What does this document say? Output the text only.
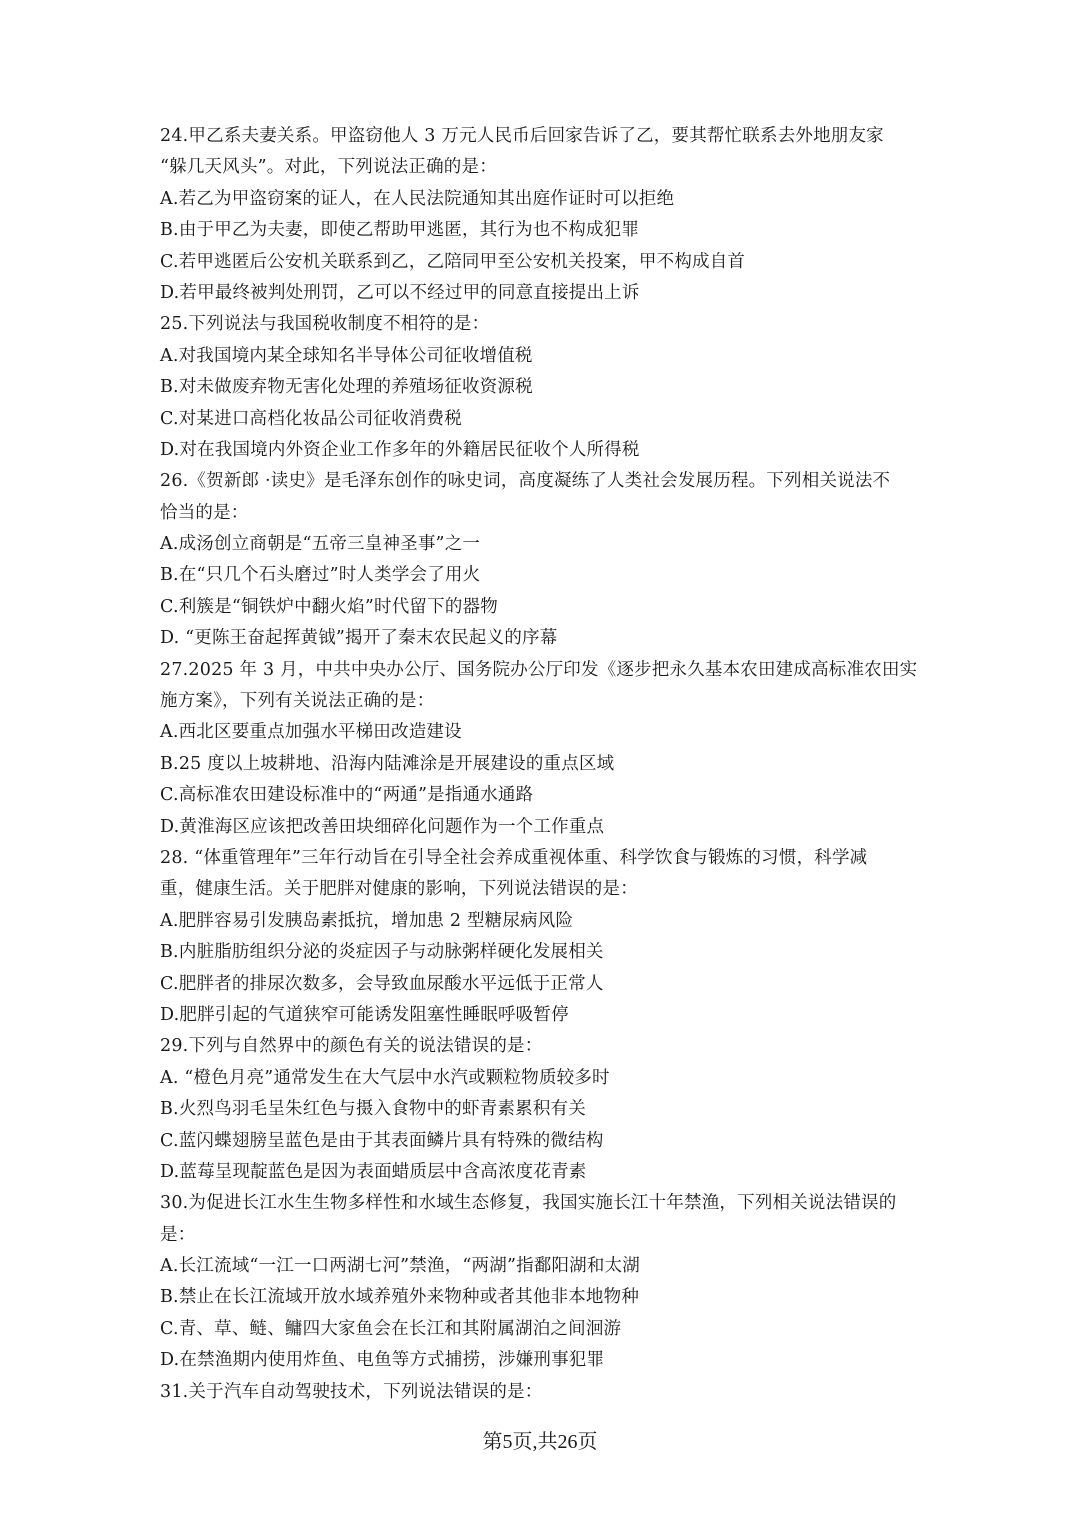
24.甲乙系夫妻关系。甲盗窃他人 3 万元人民币后回家告诉了乙，要其帮忙联系去外地朋友家
“躲几天风头”。对此，下列说法正确的是：
A.若乙为甲盗窃案的证人，在人民法院通知其出庭作证时可以拒绝
B.由于甲乙为夫妻，即使乙帮助甲逃匿，其行为也不构成犯罪
C.若甲逃匿后公安机关联系到乙，乙陪同甲至公安机关投案，甲不构成自首
D.若甲最终被判处刑罚，乙可以不经过甲的同意直接提出上诉
25.下列说法与我国税收制度不相符的是：
A.对我国境内某全球知名半导体公司征收增值税
B.对未做废弃物无害化处理的养殖场征收资源税
C.对某进口高档化妆品公司征收消费税
D.对在我国境内外资企业工作多年的外籍居民征收个人所得税
26.《贺新郎 ·读史》是毛泽东创作的咏史词，高度凝练了人类社会发展历程。下列相关说法不
恰当的是：
A.成汤创立商朝是“五帝三皇神圣事”之一
B.在“只几个石头磨过”时人类学会了用火
C.利簇是“铜铁炉中翻火焰”时代留下的器物
D. “更陈王奋起挥黄钺”揭开了秦末农民起义的序幕
27.2025 年 3 月，中共中央办公厅、国务院办公厅印发《逐步把永久基本农田建成高标准农田实
施方案》，下列有关说法正确的是：
A.西北区要重点加强水平梯田改造建设
B.25 度以上坡耕地、沿海内陆滩涂是开展建设的重点区域
C.高标准农田建设标准中的“两通”是指通水通路
D.黄淮海区应该把改善田块细碎化问题作为一个工作重点
28. “体重管理年”三年行动旨在引导全社会养成重视体重、科学饮食与锻炼的习惯，科学减
重，健康生活。关于肥胖对健康的影响，下列说法错误的是：
A.肥胖容易引发胰岛素抵抗，增加患 2 型糖尿病风险
B.内脏脂肪组织分泌的炎症因子与动脉粥样硬化发展相关
C.肥胖者的排尿次数多，会导致血尿酸水平远低于正常人
D.肥胖引起的气道狭窄可能诱发阻塞性睡眠呼吸暂停
29.下列与自然界中的颜色有关的说法错误的是：
A. “橙色月亮”通常发生在大气层中水汽或颗粒物质较多时
B.火烈鸟羽毛呈朱红色与摄入食物中的虾青素累积有关
C.蓝闪蝶翅膀呈蓝色是由于其表面鳞片具有特殊的微结构
D.蓝莓呈现靛蓝色是因为表面蜡质层中含高浓度花青素
30.为促进长江水生生物多样性和水域生态修复，我国实施长江十年禁渔，下列相关说法错误的
是：
A.长江流域“一江一口两湖七河”禁渔，“两湖”指鄱阳湖和太湖
B.禁止在长江流域开放水域养殖外来物种或者其他非本地物种
C.青、草、鲢、鳙四大家鱼会在长江和其附属湖泊之间洄游
D.在禁渔期内使用炸鱼、电鱼等方式捕捞，涉嫌刑事犯罪
31.关于汽车自动驾驶技术，下列说法错误的是：
第5页,共26页
